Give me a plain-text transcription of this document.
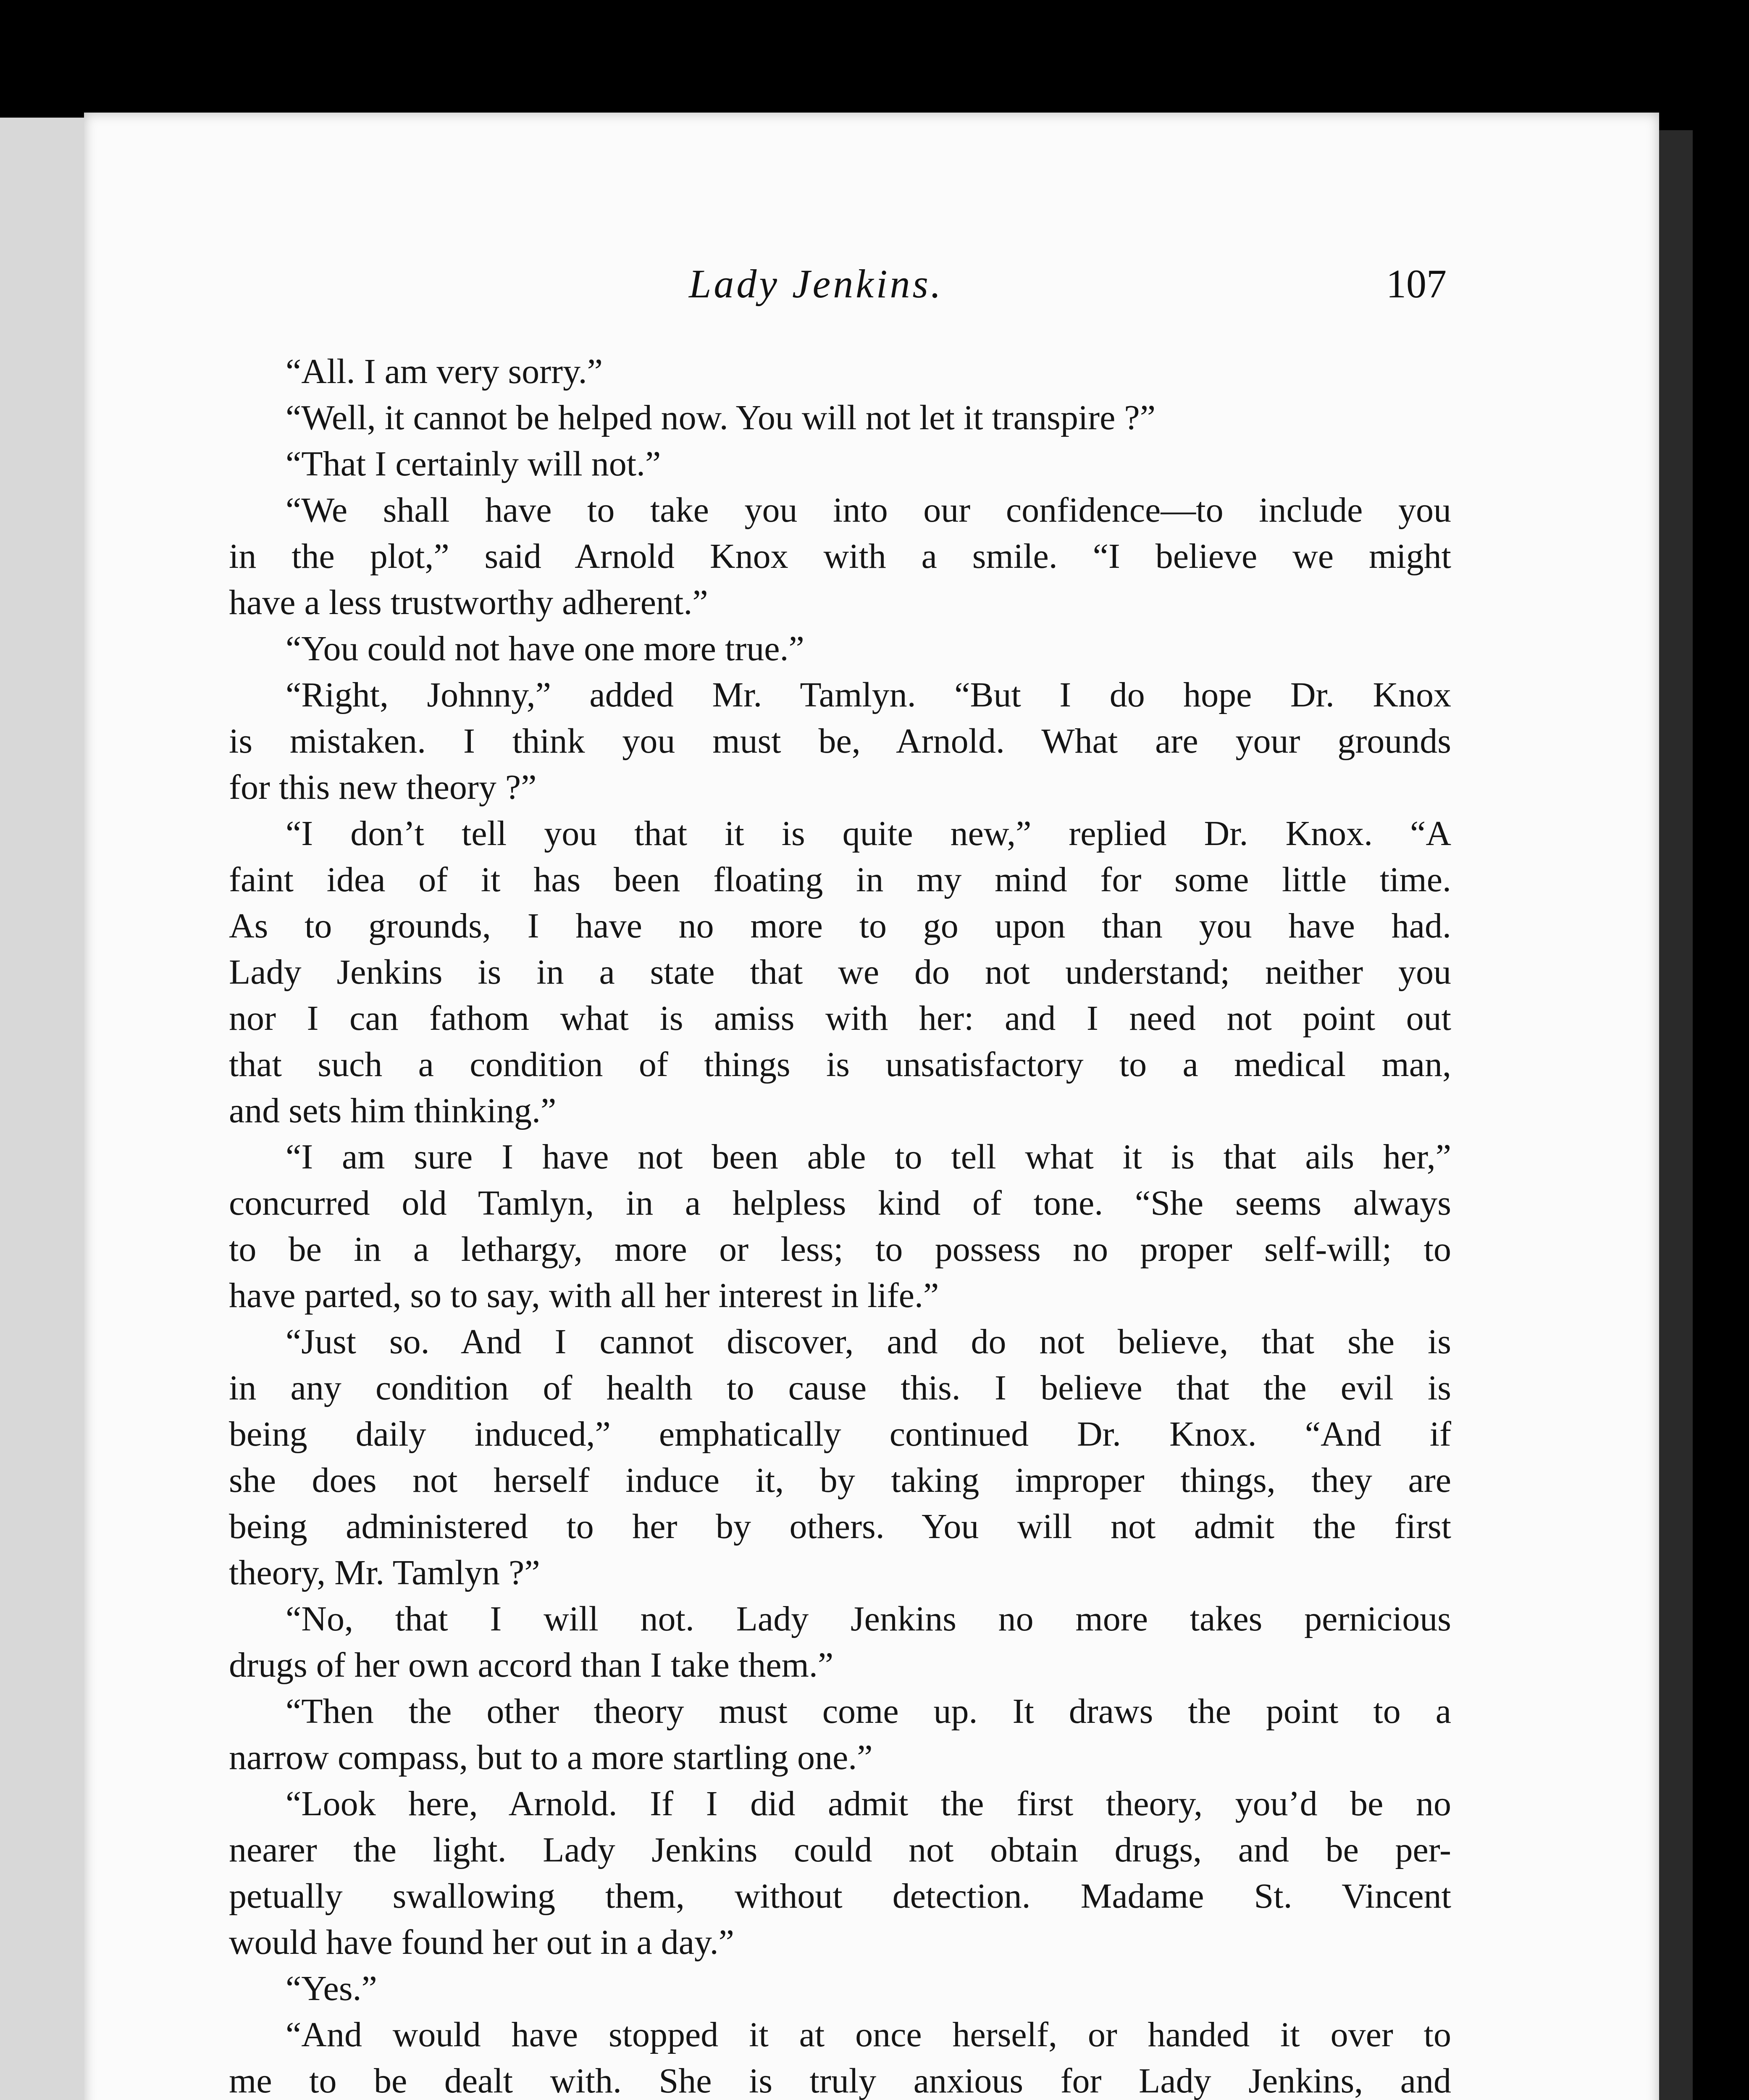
Lady Jenkins.	107
“All. I am very sorry.”
“Well, it cannot be helped now. You will not let it transpire ?”
“That I certainly will not.”
“We shall have to take you into our confidence—to include you
in the plot,” said Arnold Knox with a smile. “I believe we might
have a less trustworthy adherent.”
“You could not have one more true.”
“Right, Johnny,” added Mr. Tamlyn. “But I do hope Dr. Knox
is mistaken. I think you must be, Arnold. What are your grounds
for this new theory ?”
“I don’t tell you that it is quite new,” replied Dr. Knox. “A
faint idea of it has been floating in my mind for some little time.
As to grounds, I have no more to go upon than you have had.
Lady Jenkins is in a state that we do not understand; neither you
nor I can fathom what is amiss with her: and I need not point out
that such a condition of things is unsatisfactory to a medical man,
and sets him thinking.”
“I am sure I have not been able to tell what it is that ails her,”
concurred old Tamlyn, in a helpless kind of tone. “She seems always
to be in a lethargy, more or less; to possess no proper self-will; to
have parted, so to say, with all her interest in life.”
“Just so. And I cannot discover, and do not believe, that she is
in any condition of health to cause this. I believe that the evil is
being daily induced,” emphatically continued Dr. Knox. “And if
she does not herself induce it, by taking improper things, they are
being administered to her by others. You will not admit the first
theory, Mr. Tamlyn ?”
“No, that I will not. Lady Jenkins no more takes pernicious
drugs of her own accord than I take them.”
“Then the other theory must come up. It draws the point to a
narrow compass, but to a more startling one.”
“Look here, Arnold. If I did admit the first theory, you’d be no
nearer the light. Lady Jenkins could not obtain drugs, and be per-
petually swallowing them, without detection. Madame St. Vincent
would have found her out in a day.”
“Yes.”
“And would have stopped it at once herself, or handed it over to
me to be dealt with. She is truly anxious for Lady Jenkins, and
